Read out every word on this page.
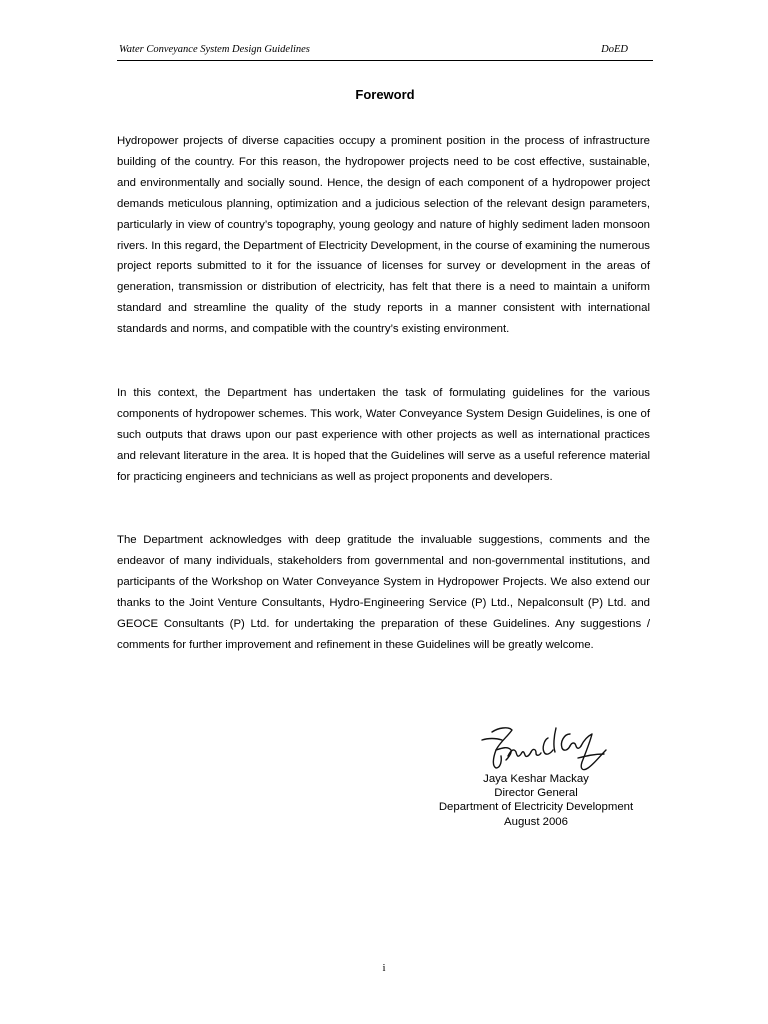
Water Conveyance System Design Guidelines	DoED
Foreword

Hydropower projects of diverse capacities occupy a prominent position in the process of infrastructure building of the country. For this reason, the hydropower projects need to be cost effective, sustainable, and environmentally and socially sound. Hence, the design of each component of a hydropower project demands meticulous planning, optimization and a judicious selection of the relevant design parameters, particularly in view of country’s topography, young geology and nature of highly sediment laden monsoon rivers. In this regard, the Department of Electricity Development, in the course of examining the numerous project reports submitted to it for the issuance of licenses for survey or development in the areas of generation, transmission or distribution of electricity, has felt that there is a need to maintain a uniform standard and streamline the quality of the study reports in a manner consistent with international standards and norms, and compatible with the country’s existing environment.

In this context, the Department has undertaken the task of formulating guidelines for the various components of hydropower schemes. This work, Water Conveyance System Design Guidelines, is one of such outputs that draws upon our past experience with other projects as well as international practices and relevant literature in the area. It is hoped that the Guidelines will serve as a useful reference material for practicing engineers and technicians as well as project proponents and developers.

The Department acknowledges with deep gratitude the invaluable suggestions, comments and the endeavor of many individuals, stakeholders from governmental and non-governmental institutions, and participants of the Workshop on Water Conveyance System in Hydropower Projects. We also extend our thanks to the Joint Venture Consultants, Hydro-Engineering Service (P) Ltd., Nepalconsult (P) Ltd. and GEOCE Consultants (P) Ltd. for undertaking the preparation of these Guidelines. Any suggestions / comments for further improvement and refinement in these Guidelines will be greatly welcome.

Jaya Keshar Mackay
Director General
Department of Electricity Development
August 2006
i
